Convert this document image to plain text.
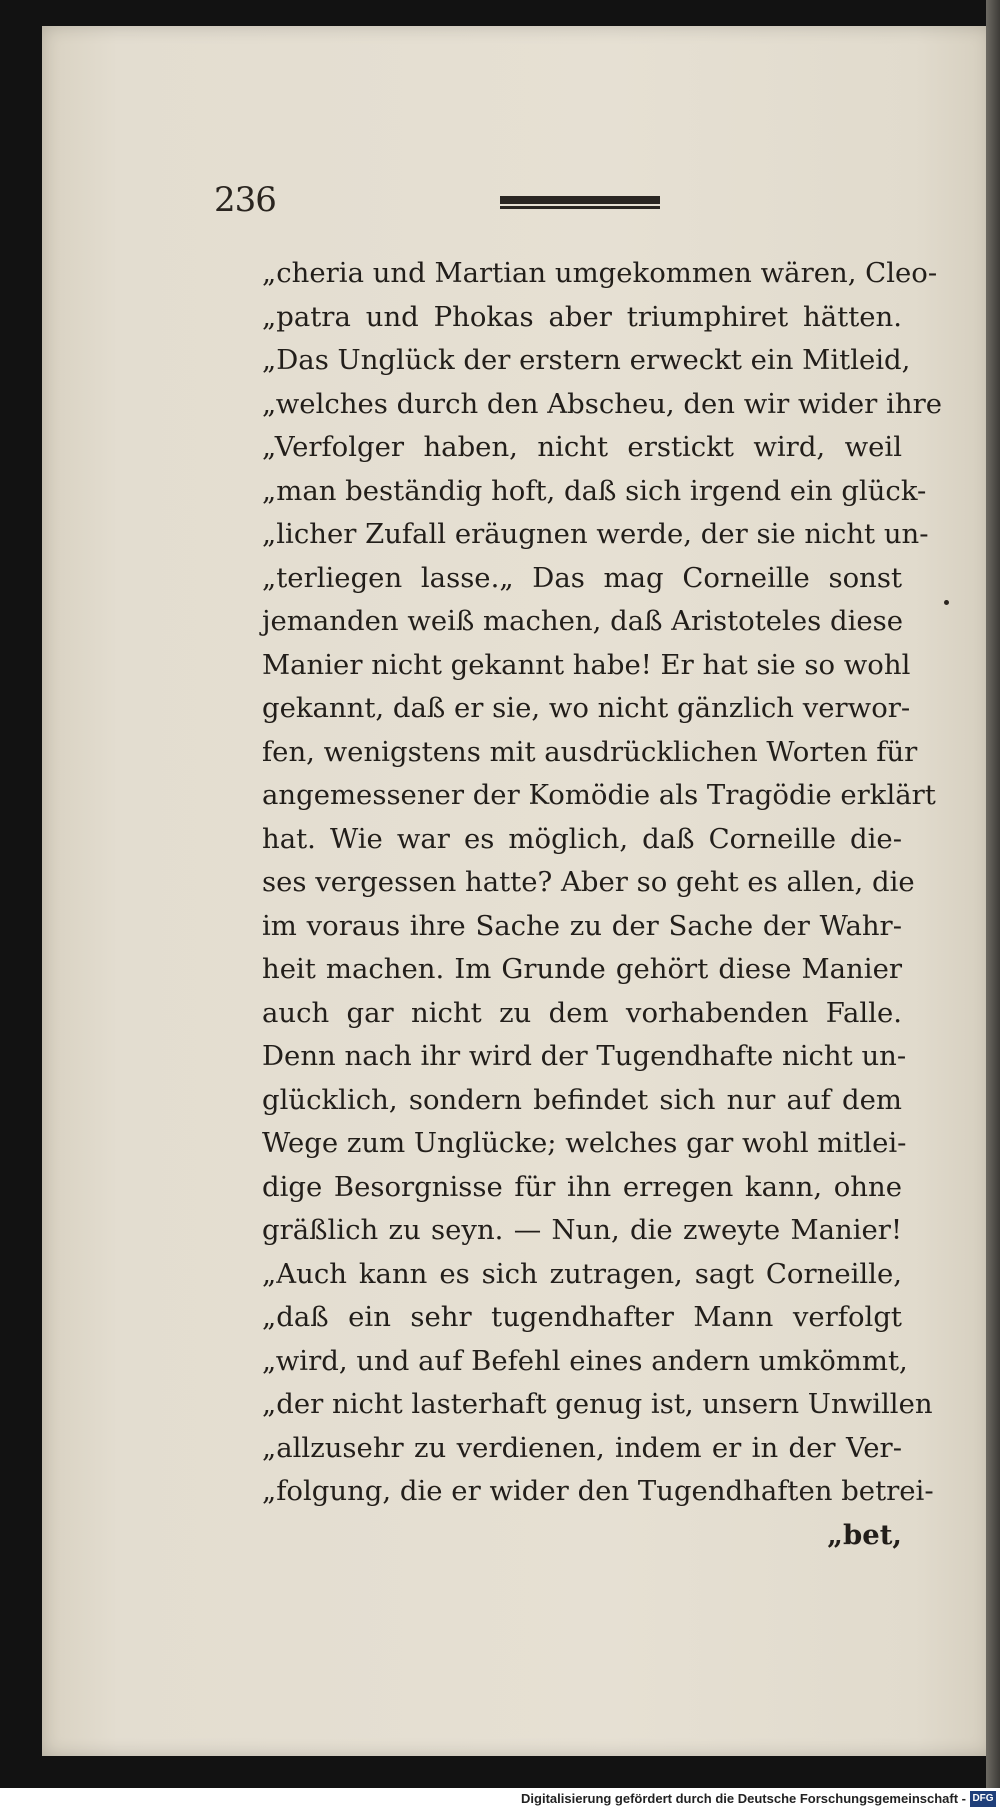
236
„cheria und Martian umgekommen wären, Cleo-
„patra und Phokas aber triumphiret hätten.
„Das Unglück der erstern erweckt ein Mitleid,
„welches durch den Abscheu, den wir wider ihre
„Verfolger haben, nicht erstickt wird, weil
„man beständig hoft, daß sich irgend ein glück-
„licher Zufall eräugnen werde, der sie nicht un-
„terliegen lasse.„ Das mag Corneille sonst
jemanden weiß machen, daß Aristoteles diese
Manier nicht gekannt habe! Er hat sie so wohl
gekannt, daß er sie, wo nicht gänzlich verwor-
fen, wenigstens mit ausdrücklichen Worten für
angemessener der Komödie als Tragödie erklärt
hat. Wie war es möglich, daß Corneille die-
ses vergessen hatte? Aber so geht es allen, die
im voraus ihre Sache zu der Sache der Wahr-
heit machen. Im Grunde gehört diese Manier
auch gar nicht zu dem vorhabenden Falle.
Denn nach ihr wird der Tugendhafte nicht un-
glücklich, sondern befindet sich nur auf dem
Wege zum Unglücke; welches gar wohl mitlei-
dige Besorgnisse für ihn erregen kann, ohne
gräßlich zu seyn. — Nun, die zweyte Manier!
„Auch kann es sich zutragen, sagt Corneille,
„daß ein sehr tugendhafter Mann verfolgt
„wird, und auf Befehl eines andern umkömmt,
„der nicht lasterhaft genug ist, unsern Unwillen
„allzusehr zu verdienen, indem er in der Ver-
„folgung, die er wider den Tugendhaften betrei-
„bet,
Digitalisierung gefördert durch die Deutsche Forschungsgemeinschaft - DFG
